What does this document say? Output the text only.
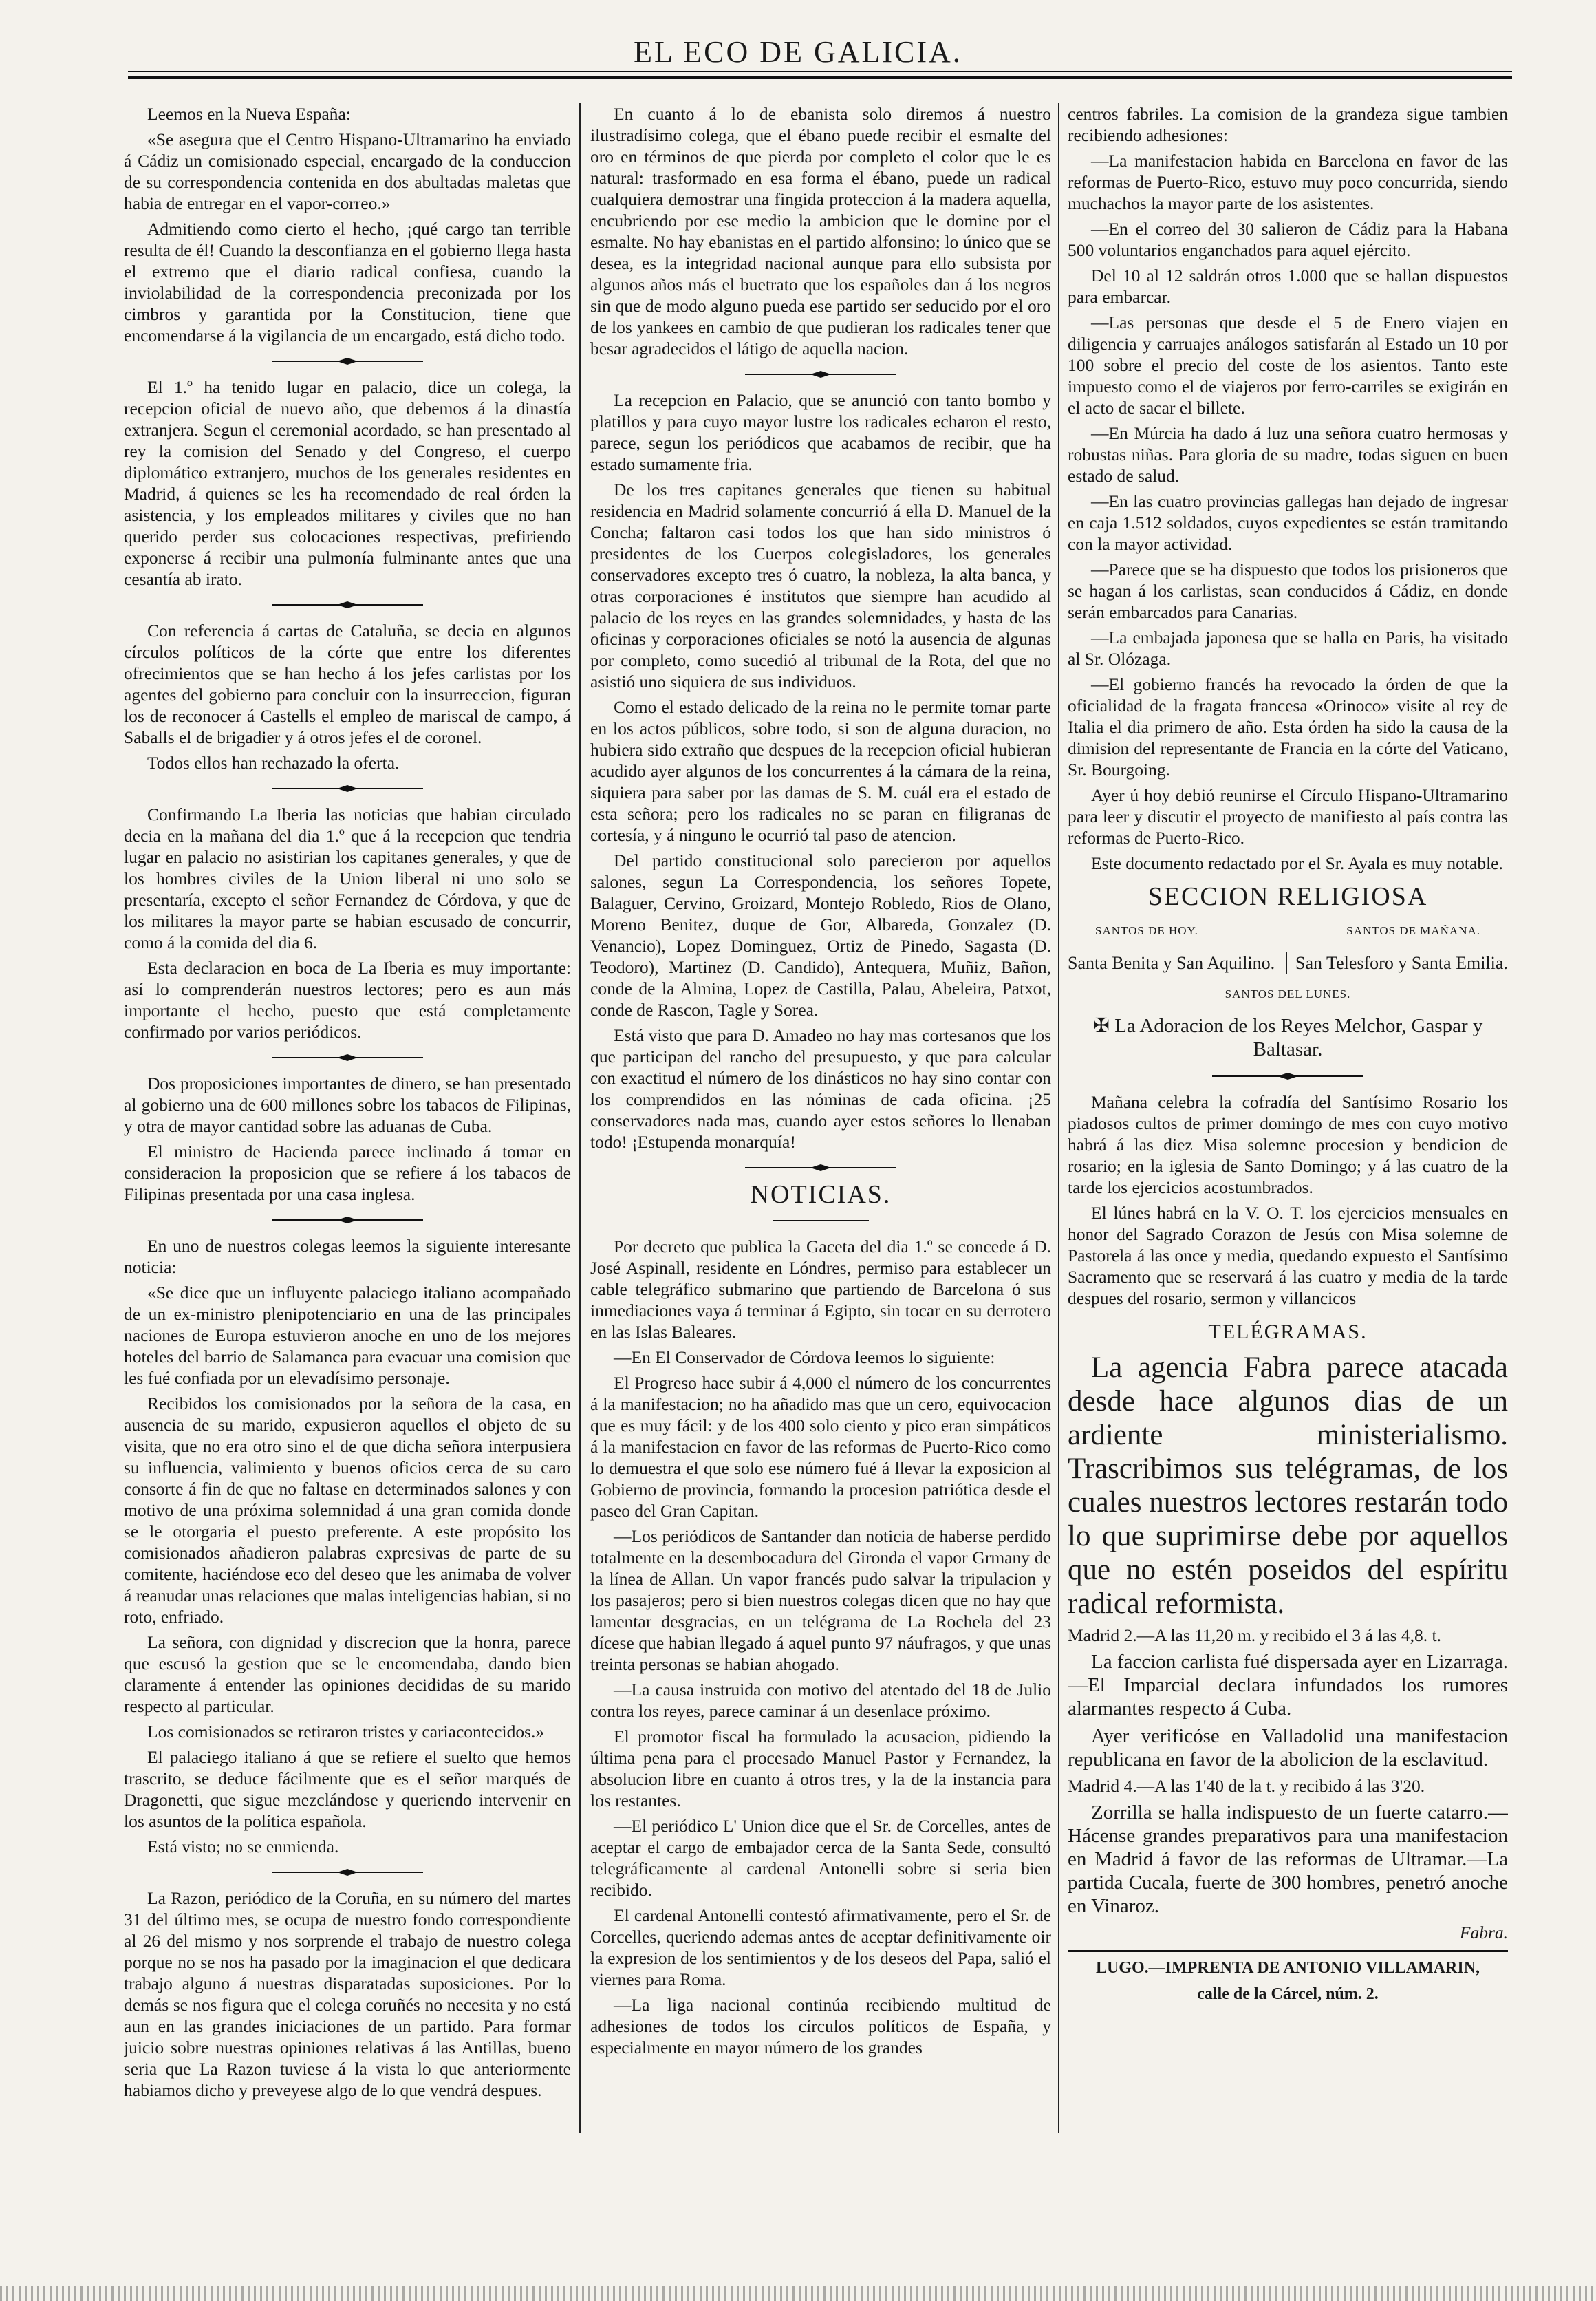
EL ECO DE GALICIA.

Leemos en la Nueva España:

«Se asegura que el Centro Hispano-Ultramarino ha enviado á Cádiz un comisionado especial, encargado de la conduccion de su correspondencia contenida en dos abultadas maletas que habia de entregar en el vapor-correo.»

Admitiendo como cierto el hecho, ¡qué cargo tan terrible resulta de él! Cuando la desconfianza en el gobierno llega hasta el extremo que el diario radical confiesa, cuando la inviolabilidad de la correspondencia preconizada por los cimbros y garantida por la Constitucion, tiene que encomendarse á la vigilancia de un encargado, está dicho todo.

El 1.º ha tenido lugar en palacio, dice un colega, la recepcion oficial de nuevo año, que debemos á la dinastía extranjera. Segun el ceremonial acordado, se han presentado al rey la comision del Senado y del Congreso, el cuerpo diplomático extranjero, muchos de los generales residentes en Madrid, á quienes se les ha recomendado de real órden la asistencia, y los empleados militares y civiles que no han querido perder sus colocaciones respectivas, prefiriendo exponerse á recibir una pulmonía fulminante antes que una cesantía ab irato.

Con referencia á cartas de Cataluña, se decia en algunos círculos políticos de la córte que entre los diferentes ofrecimientos que se han hecho á los jefes carlistas por los agentes del gobierno para concluir con la insurreccion, figuran los de reconocer á Castells el empleo de mariscal de campo, á Saballs el de brigadier y á otros jefes el de coronel.

Todos ellos han rechazado la oferta.

Confirmando La Iberia las noticias que habian circulado decia en la mañana del dia 1.º que á la recepcion que tendria lugar en palacio no asistirian los capitanes generales, y que de los hombres civiles de la Union liberal ni uno solo se presentaría, excepto el señor Fernandez de Córdova, y que de los militares la mayor parte se habian escusado de concurrir, como á la comida del dia 6.

Esta declaracion en boca de La Iberia es muy importante: así lo comprenderán nuestros lectores; pero es aun más importante el hecho, puesto que está completamente confirmado por varios periódicos.

Dos proposiciones importantes de dinero, se han presentado al gobierno una de 600 millones sobre los tabacos de Filipinas, y otra de mayor cantidad sobre las aduanas de Cuba.

El ministro de Hacienda parece inclinado á tomar en consideracion la proposicion que se refiere á los tabacos de Filipinas presentada por una casa inglesa.

En uno de nuestros colegas leemos la siguiente interesante noticia:

«Se dice que un influyente palaciego italiano acompañado de un ex-ministro plenipotenciario en una de las principales naciones de Europa estuvieron anoche en uno de los mejores hoteles del barrio de Salamanca para evacuar una comision que les fué confiada por un elevadísimo personaje.

Recibidos los comisionados por la señora de la casa, en ausencia de su marido, expusieron aquellos el objeto de su visita, que no era otro sino el de que dicha señora interpusiera su influencia, valimiento y buenos oficios cerca de su caro consorte á fin de que no faltase en determinados salones y con motivo de una próxima solemnidad á una gran comida donde se le otorgaria el puesto preferente. A este propósito los comisionados añadieron palabras expresivas de parte de su comitente, haciéndose eco del deseo que les animaba de volver á reanudar unas relaciones que malas inteligencias habian, si no roto, enfriado.

La señora, con dignidad y discrecion que la honra, parece que escusó la gestion que se le encomendaba, dando bien claramente á entender las opiniones decididas de su marido respecto al particular.

Los comisionados se retiraron tristes y cariacontecidos.»

El palaciego italiano á que se refiere el suelto que hemos trascrito, se deduce fácilmente que es el señor marqués de Dragonetti, que sigue mezclándose y queriendo intervenir en los asuntos de la política española.

Está visto; no se enmienda.

La Razon, periódico de la Coruña, en su número del martes 31 del último mes, se ocupa de nuestro fondo correspondiente al 26 del mismo y nos sorprende el trabajo de nuestro colega porque no se nos ha pasado por la imaginacion el que dedicara trabajo alguno á nuestras disparatadas suposiciones. Por lo demás se nos figura que el colega coruñés no necesita y no está aun en las grandes iniciaciones de un partido. Para formar juicio sobre nuestras opiniones relativas á las Antillas, bueno seria que La Razon tuviese á la vista lo que anteriormente habiamos dicho y preveyese algo de lo que vendrá despues.

En cuanto á lo de ebanista solo diremos á nuestro ilustradísimo colega, que el ébano puede recibir el esmalte del oro en términos de que pierda por completo el color que le es natural: trasformado en esa forma el ébano, puede un radical cualquiera demostrar una fingida proteccion á la madera aquella, encubriendo por ese medio la ambicion que le domine por el esmalte. No hay ebanistas en el partido alfonsino; lo único que se desea, es la integridad nacional aunque para ello subsista por algunos años más el buetrato que los españoles dan á los negros sin que de modo alguno pueda ese partido ser seducido por el oro de los yankees en cambio de que pudieran los radicales tener que besar agradecidos el látigo de aquella nacion.

La recepcion en Palacio, que se anunció con tanto bombo y platillos y para cuyo mayor lustre los radicales echaron el resto, parece, segun los periódicos que acabamos de recibir, que ha estado sumamente fria.

De los tres capitanes generales que tienen su habitual residencia en Madrid solamente concurrió á ella D. Manuel de la Concha; faltaron casi todos los que han sido ministros ó presidentes de los Cuerpos colegisladores, los generales conservadores excepto tres ó cuatro, la nobleza, la alta banca, y otras corporaciones é institutos que siempre han acudido al palacio de los reyes en las grandes solemnidades, y hasta de las oficinas y corporaciones oficiales se notó la ausencia de algunas por completo, como sucedió al tribunal de la Rota, del que no asistió uno siquiera de sus individuos.

Como el estado delicado de la reina no le permite tomar parte en los actos públicos, sobre todo, si son de alguna duracion, no hubiera sido extraño que despues de la recepcion oficial hubieran acudido ayer algunos de los concurrentes á la cámara de la reina, siquiera para saber por las damas de S. M. cuál era el estado de esta señora; pero los radicales no se paran en filigranas de cortesía, y á ninguno le ocurrió tal paso de atencion.

Del partido constitucional solo parecieron por aquellos salones, segun La Correspondencia, los señores Topete, Balaguer, Cervino, Groizard, Montejo Robledo, Rios de Olano, Moreno Benitez, duque de Gor, Albareda, Gonzalez (D. Venancio), Lopez Dominguez, Ortiz de Pinedo, Sagasta (D. Teodoro), Martinez (D. Candido), Antequera, Muñiz, Bañon, conde de la Almina, Lopez de Castilla, Palau, Abeleira, Patxot, conde de Rascon, Tagle y Sorea.

Está visto que para D. Amadeo no hay mas cortesanos que los que participan del rancho del presupuesto, y que para calcular con exactitud el número de los dinásticos no hay sino contar con los comprendidos en las nóminas de cada oficina. ¡25 conservadores nada mas, cuando ayer estos señores lo llenaban todo! ¡Estupenda monarquía!

NOTICIAS.

Por decreto que publica la Gaceta del dia 1.º se concede á D. José Aspinall, residente en Lóndres, permiso para establecer un cable telegráfico submarino que partiendo de Barcelona ó sus inmediaciones vaya á terminar á Egipto, sin tocar en su derrotero en las Islas Baleares.

—En El Conservador de Córdova leemos lo siguiente:

El Progreso hace subir á 4,000 el número de los concurrentes á la manifestacion; no ha añadido mas que un cero, equivocacion que es muy fácil: y de los 400 solo ciento y pico eran simpáticos á la manifestacion en favor de las reformas de Puerto-Rico como lo demuestra el que solo ese número fué á llevar la exposicion al Gobierno de provincia, formando la procesion patriótica desde el paseo del Gran Capitan.

—Los periódicos de Santander dan noticia de haberse perdido totalmente en la desembocadura del Gironda el vapor Grmany de la línea de Allan. Un vapor francés pudo salvar la tripulacion y los pasajeros; pero si bien nuestros colegas dicen que no hay que lamentar desgracias, en un telégrama de La Rochela del 23 dícese que habian llegado á aquel punto 97 náufragos, y que unas treinta personas se habian ahogado.

—La causa instruida con motivo del atentado del 18 de Julio contra los reyes, parece caminar á un desenlace próximo.

El promotor fiscal ha formulado la acusacion, pidiendo la última pena para el procesado Manuel Pastor y Fernandez, la absolucion libre en cuanto á otros tres, y la de la instancia para los restantes.

—El periódico L' Union dice que el Sr. de Corcelles, antes de aceptar el cargo de embajador cerca de la Santa Sede, consultó telegráficamente al cardenal Antonelli sobre si seria bien recibido.

El cardenal Antonelli contestó afirmativamente, pero el Sr. de Corcelles, queriendo ademas antes de aceptar definitivamente oir la expresion de los sentimientos y de los deseos del Papa, salió el viernes para Roma.

—La liga nacional continúa recibiendo multitud de adhesiones de todos los círculos políticos de España, y especialmente en mayor número de los grandes

centros fabriles. La comision de la grandeza sigue tambien recibiendo adhesiones:

—La manifestacion habida en Barcelona en favor de las reformas de Puerto-Rico, estuvo muy poco concurrida, siendo muchachos la mayor parte de los asistentes.

—En el correo del 30 salieron de Cádiz para la Habana 500 voluntarios enganchados para aquel ejército.

Del 10 al 12 saldrán otros 1.000 que se hallan dispuestos para embarcar.

—Las personas que desde el 5 de Enero viajen en diligencia y carruajes análogos satisfarán al Estado un 10 por 100 sobre el precio del coste de los asientos. Tanto este impuesto como el de viajeros por ferro-carriles se exigirán en el acto de sacar el billete.

—En Múrcia ha dado á luz una señora cuatro hermosas y robustas niñas. Para gloria de su madre, todas siguen en buen estado de salud.

—En las cuatro provincias gallegas han dejado de ingresar en caja 1.512 soldados, cuyos expedientes se están tramitando con la mayor actividad.

—Parece que se ha dispuesto que todos los prisioneros que se hagan á los carlistas, sean conducidos á Cádiz, en donde serán embarcados para Canarias.

—La embajada japonesa que se halla en Paris, ha visitado al Sr. Olózaga.

—El gobierno francés ha revocado la órden de que la oficialidad de la fragata francesa «Orinoco» visite al rey de Italia el dia primero de año. Esta órden ha sido la causa de la dimision del representante de Francia en la córte del Vaticano, Sr. Bourgoing.

Ayer ú hoy debió reunirse el Círculo Hispano-Ultramarino para leer y discutir el proyecto de manifiesto al país contra las reformas de Puerto-Rico.

Este documento redactado por el Sr. Ayala es muy notable.

SECCION RELIGIOSA
SANTOS DE HOY.	SANTOS DE MAÑANA.
Santa Benita y San Aquilino.	San Telesforo y Santa Emilia.
SANTOS DEL LUNES.

✠ La Adoracion de los Reyes Melchor, Gaspar y Baltasar.

Mañana celebra la cofradía del Santísimo Rosario los piadosos cultos de primer domingo de mes con cuyo motivo habrá á las diez Misa solemne procesion y bendicion de rosario; en la iglesia de Santo Domingo; y á las cuatro de la tarde los ejercicios acostumbrados.

El lúnes habrá en la V. O. T. los ejercicios mensuales en honor del Sagrado Corazon de Jesús con Misa solemne de Pastorela á las once y media, quedando expuesto el Santísimo Sacramento que se reservará á las cuatro y media de la tarde despues del rosario, sermon y villancicos

TELÉGRAMAS.

La agencia Fabra parece atacada desde hace algunos dias de un ardiente ministerialismo. Trascribimos sus telégramas, de los cuales nuestros lectores restarán todo lo que suprimirse debe por aquellos que no estén poseidos del espíritu radical reformista.

Madrid 2.—A las 11,20 m. y recibido el 3 á las 4,8. t.

La faccion carlista fué dispersada ayer en Lizarraga.—El Imparcial declara infundados los rumores alarmantes respecto á Cuba.

Ayer verificóse en Valladolid una manifestacion republicana en favor de la abolicion de la esclavitud.

Madrid 4.—A las 1'40 de la t. y recibido á las 3'20.

Zorrilla se halla indispuesto de un fuerte catarro.—Hácense grandes preparativos para una manifestacion en Madrid á favor de las reformas de Ultramar.—La partida Cucala, fuerte de 300 hombres, penetró anoche en Vinaroz.

Fabra.

LUGO.—IMPRENTA DE ANTONIO VILLAMARIN,
calle de la Cárcel, núm. 2.
